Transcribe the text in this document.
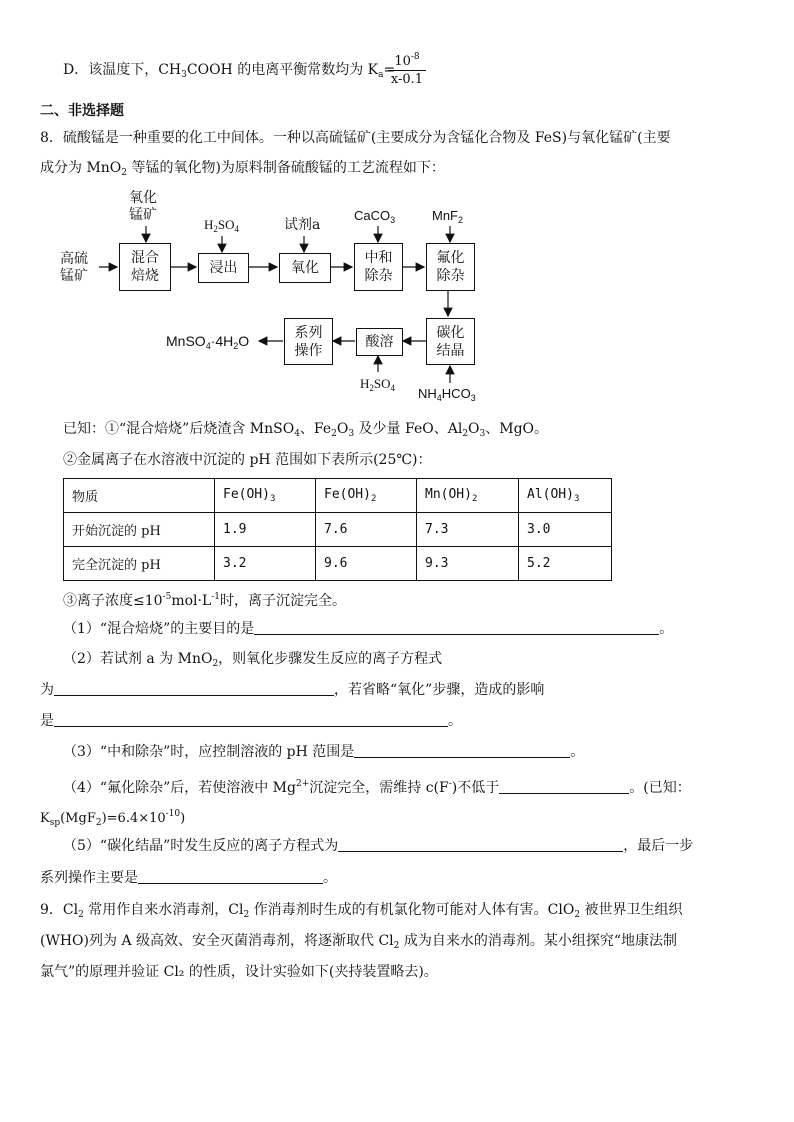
D．该温度下，$CH_3COOH$ 的电离平衡常数均为 $K_a=$
$10^{-8}$
x-0.1
二、非选择题
8．硫酸锰是一种重要的化工中间体。一种以高硫锰矿(主要成分为含锰化合物及 FeS)与氧化锰矿(主要
成分为 MnO$_2$ 等锰的氧化物)为原料制备硫酸锰的工艺流程如下：
混合
焙烧	浸出	氧化
中和
除杂
氟化
除杂
碳化
结晶
酸溶
系列
操作
高硫
锰矿
氧化
锰矿
$H_2SO_4$	试剂a
CaCO$_3$	MnF$_2$
$H_2SO_4$ $NH_4HCO_3$
$MnSO_4\cdot 4H_2O$
已知：①“混合焙烧”后烧渣含 MnSO$_4$、$Fe_2O_3$ 及少量 FeO、$Al_2O_3$、MgO。
②金属离子在水溶液中沉淀的 pH 范围如下表所示(25℃)：
物质	$Fe(OH)_3$	$Fe(OH)_2$	$Mn(OH)_2$	$Al(OH)_3$
开始沉淀的 pH	1.9	7.6	7.3	3.0
完全沉淀的 pH	3.2	9.6	9.3	5.2
③离子浓度$\le 10^{-5}mol\cdot L^{-1}$时，离子沉淀完全。
（1）“混合焙烧”的主要目的是	。
（2）若试剂 a 为 MnO$_2$，则氧化步骤发生反应的离子方程式
为	，若省略“氧化”步骤，造成的影响
是	。
（3）“中和除杂”时，应控制溶液的 pH 范围是	。
（4）“氟化除杂”后，若使溶液中 $Mg^{2+}$沉淀完全，需维持 c(F-)不低于	。(已知：
$K_{sp}(MgF_2)=6.4\times 10^{-10}$)
（5）“碳化结晶”时发生反应的离子方程式为	，最后一步
系列操作主要是	。
9．$Cl_2$ 常用作自来水消毒剂，$Cl_2$ 作消毒剂时生成的有机氯化物可能对人体有害。ClO$_2$ 被世界卫生组织
(WHO)列为 A 级高效、安全灭菌消毒剂，将逐渐取代 $Cl_2$ 成为自来水的消毒剂。某小组探究“地康法制
氯气”的原理并验证 Cl₂ 的性质，设计实验如下(夹持装置略去)。
